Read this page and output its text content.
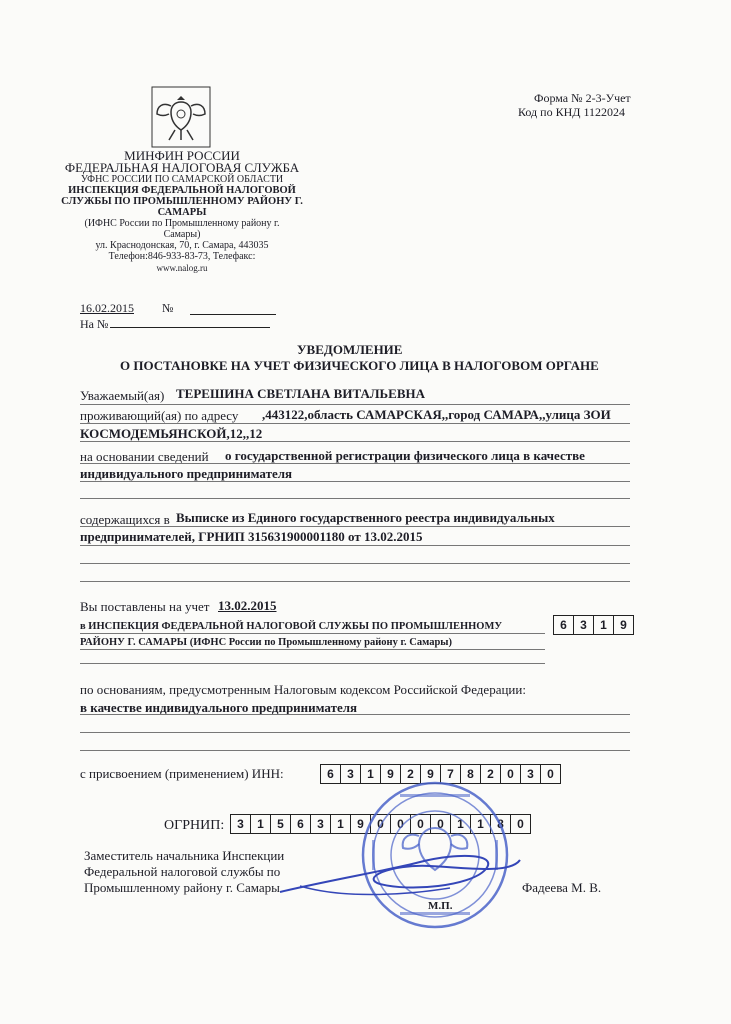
Форма № 2-3-Учет
Код по КНД 1122024
МИНФИН РОССИИ
ФЕДЕРАЛЬНАЯ НАЛОГОВАЯ СЛУЖБА
УФНС РОССИИ ПО САМАРСКОЙ ОБЛАСТИ
ИНСПЕКЦИЯ ФЕДЕРАЛЬНОЙ НАЛОГОВОЙ
СЛУЖБЫ ПО ПРОМЫШЛЕННОМУ РАЙОНУ Г.
САМАРЫ
(ИФНС России по Промышленному району г.
Самары)
ул. Краснодонская, 70, г. Самара, 443035
Телефон:846-933-83-73, Телефакс:
www.nalog.ru
16.02.2015 №
На №
УВЕДОМЛЕНИЕ
О ПОСТАНОВКЕ НА УЧЕТ ФИЗИЧЕСКОГО ЛИЦА В НАЛОГОВОМ ОРГАНЕ
Уважаемый(ая) ТЕРЕШИНА СВЕТЛАНА ВИТАЛЬЕВНА
проживающий(ая) по адресу ,443122,область САМАРСКАЯ,,город САМАРА,,улица ЗОИ
КОСМОДЕМЬЯНСКОЙ,12,,12
на основании сведений о государственной регистрации физического лица в качестве
индивидуального предпринимателя
содержащихся в Выписке из Единого государственного реестра индивидуальных
предпринимателей, ГРНИП 315631900001180 от 13.02.2015
Вы поставлены на учет 13.02.2015
в ИНСПЕКЦИЯ ФЕДЕРАЛЬНОЙ НАЛОГОВОЙ СЛУЖБЫ ПО ПРОМЫШЛЕННОМУ
РАЙОНУ Г. САМАРЫ (ИФНС России по Промышленному району г. Самары)
6	3	1	9
по основаниям, предусмотренным Налоговым кодексом Российской Федерации:
в качестве индивидуального предпринимателя
с присвоением (применением) ИНН:	6	3	1	9	2	9	7	8	2	0	3	0
ОГРНИП:	3	1	5	6	3	1	9	0	0	0	0	1	1	8	0
Заместитель начальника Инспекции
Федеральной налоговой службы по
Промышленному району г. Самары	Фадеева М. В.
М.П.
